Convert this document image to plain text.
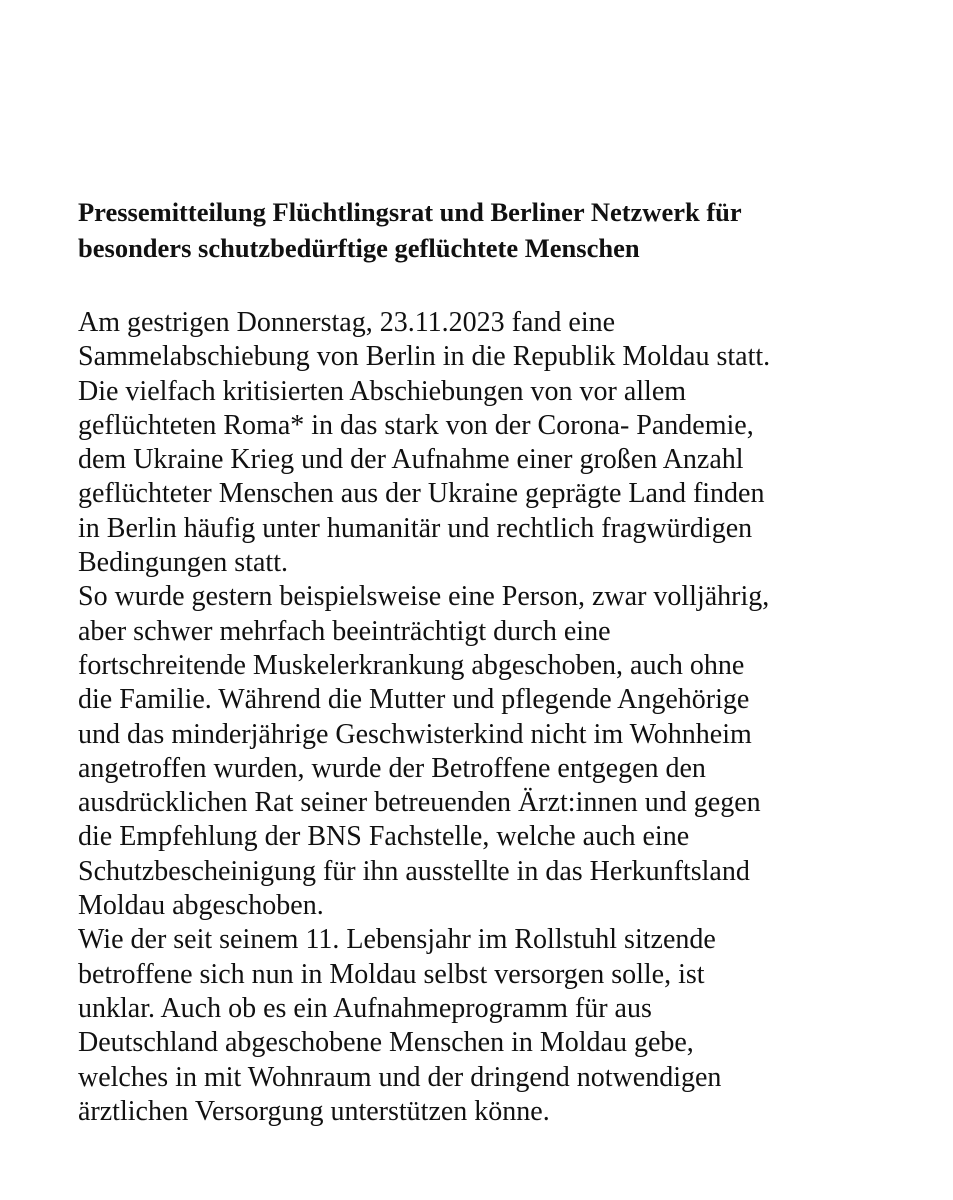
Pressemitteilung Flüchtlingsrat und Berliner Netzwerk für
besonders schutzbedürftige geflüchtete Menschen
Am gestrigen Donnerstag, 23.11.2023 fand eine
Sammelabschiebung von Berlin in die Republik Moldau statt.
Die vielfach kritisierten Abschiebungen von vor allem
geflüchteten Roma* in das stark von der Corona- Pandemie,
dem Ukraine Krieg und der Aufnahme einer großen Anzahl
geflüchteter Menschen aus der Ukraine geprägte Land finden
in Berlin häufig unter humanitär und rechtlich fragwürdigen
Bedingungen statt.
So wurde gestern beispielsweise eine Person, zwar volljährig,
aber schwer mehrfach beeinträchtigt durch eine
fortschreitende Muskelerkrankung abgeschoben, auch ohne
die Familie. Während die Mutter und pflegende Angehörige
und das minderjährige Geschwisterkind nicht im Wohnheim
angetroffen wurden, wurde der Betroffene entgegen den
ausdrücklichen Rat seiner betreuenden Ärzt:innen und gegen
die Empfehlung der BNS Fachstelle, welche auch eine
Schutzbescheinigung für ihn ausstellte in das Herkunftsland
Moldau abgeschoben.
Wie der seit seinem 11. Lebensjahr im Rollstuhl sitzende
betroffene sich nun in Moldau selbst versorgen solle, ist
unklar. Auch ob es ein Aufnahmeprogramm für aus
Deutschland abgeschobene Menschen in Moldau gebe,
welches in mit Wohnraum und der dringend notwendigen
ärztlichen Versorgung unterstützen könne.
